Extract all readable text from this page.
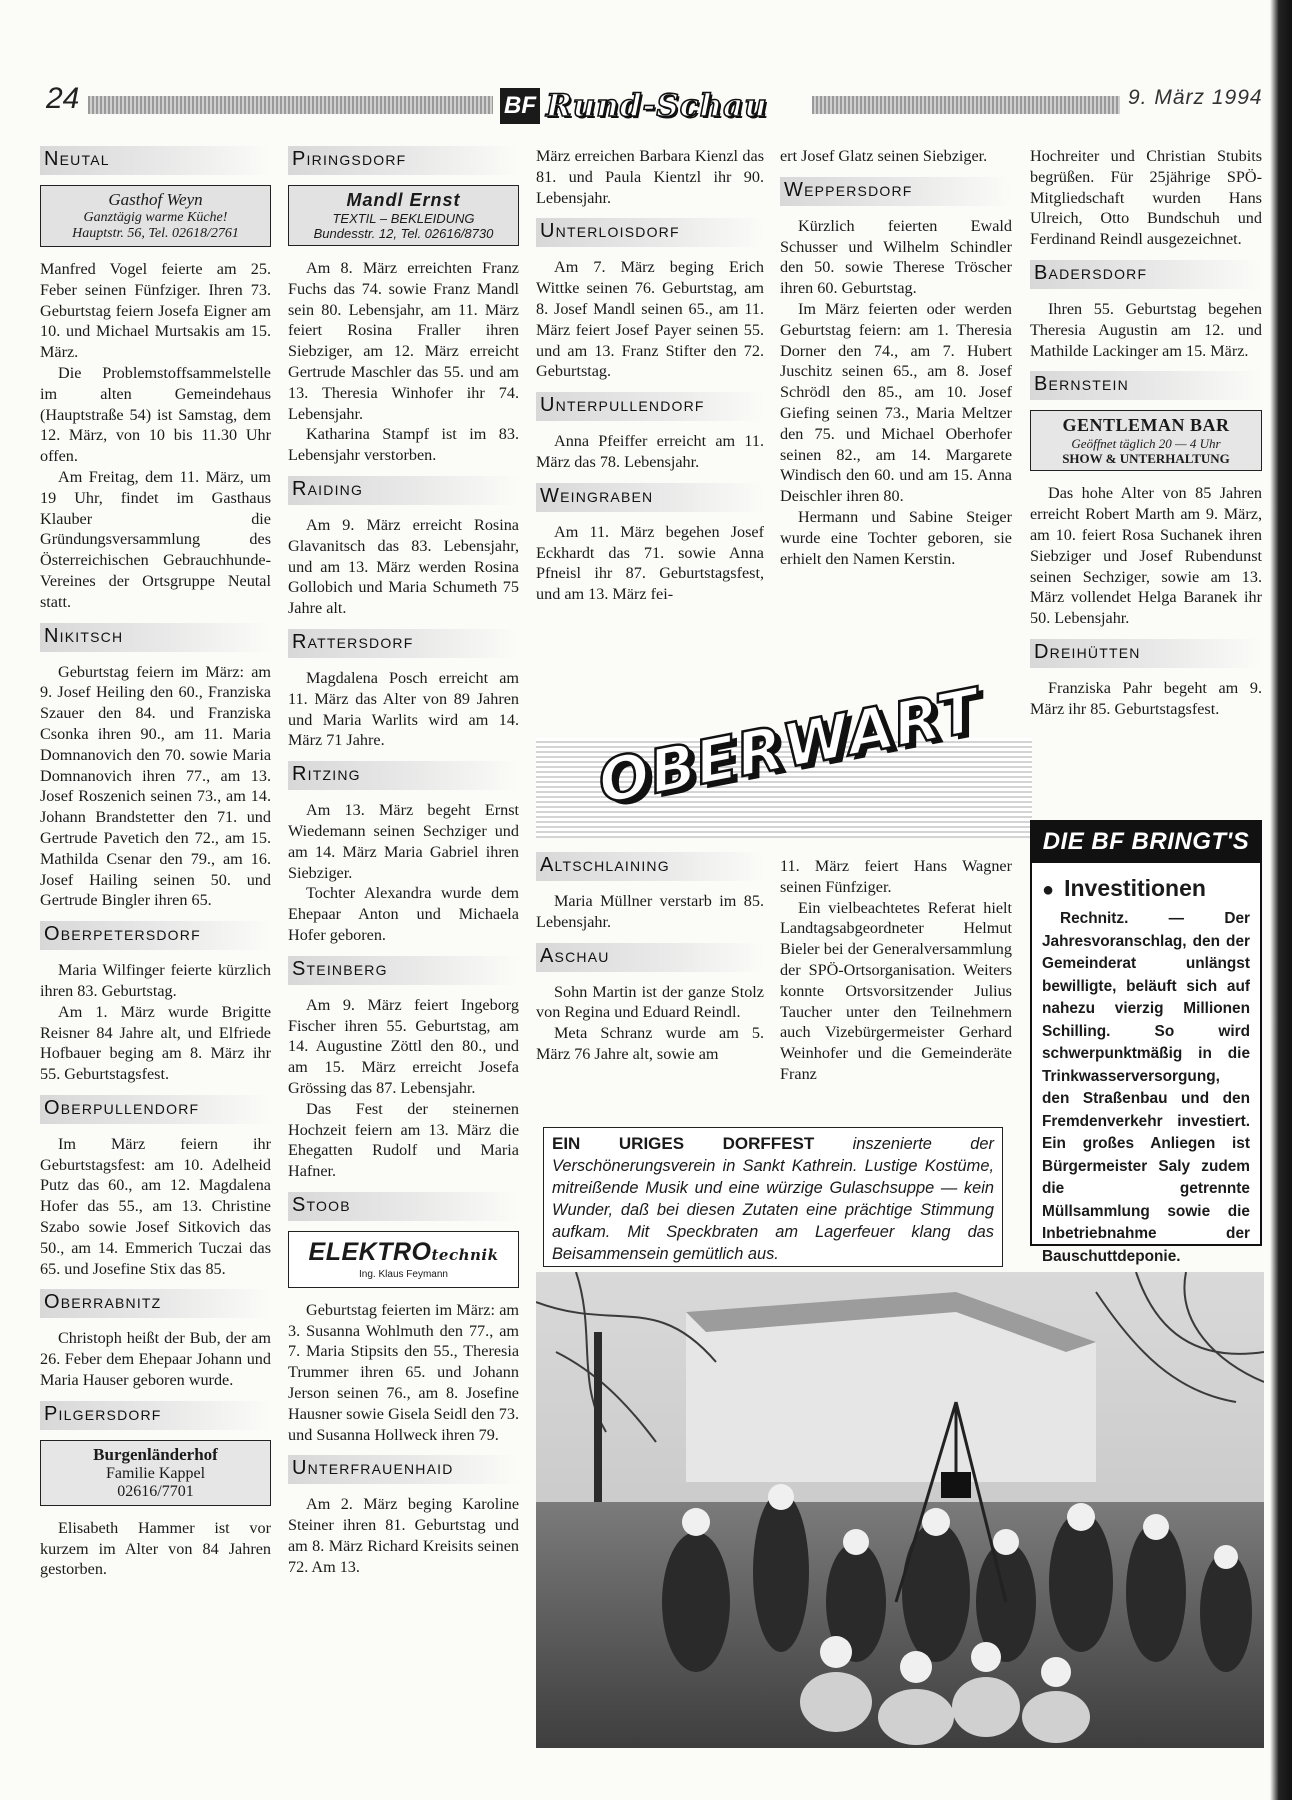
24	BF Rund-Schau	9. März 1994
Neutal
Gasthof Weyn
Ganztägig warme Küche!
Hauptstr. 56, Tel. 02618/2761

Manfred Vogel feierte am 25. Feber seinen Fünfziger. Ihren 73. Geburtstag feiern Josefa Eigner am 10. und Michael Murtsakis am 15. März.

Die Problemstoffsammelstelle im alten Gemeindehaus (Hauptstraße 54) ist Samstag, dem 12. März, von 10 bis 11.30 Uhr offen.

Am Freitag, dem 11. März, um 19 Uhr, findet im Gasthaus Klauber die Gründungsversammlung des Österreichischen Gebrauchhunde-Vereines der Ortsgruppe Neutal statt.

Nikitsch

Geburtstag feiern im März: am 9. Josef Heiling den 60., Franziska Szauer den 84. und Franziska Csonka ihren 90., am 11. Maria Domnanovich den 70. sowie Maria Domnanovich ihren 77., am 13. Josef Roszenich seinen 73., am 14. Johann Brandstetter den 71. und Gertrude Pavetich den 72., am 15. Mathilda Csenar den 79., am 16. Josef Hailing seinen 50. und Gertrude Bingler ihren 65.

Oberpetersdorf

Maria Wilfinger feierte kürzlich ihren 83. Geburtstag.

Am 1. März wurde Brigitte Reisner 84 Jahre alt, und Elfriede Hofbauer beging am 8. März ihr 55. Geburtstagsfest.

Oberpullendorf

Im März feiern ihr Geburtstagsfest: am 10. Adelheid Putz das 60., am 12. Magdalena Hofer das 55., am 13. Christine Szabo sowie Josef Sitkovich das 50., am 14. Emmerich Tuczai das 65. und Josefine Stix das 85.

Oberrabnitz

Christoph heißt der Bub, der am 26. Feber dem Ehepaar Johann und Maria Hauser geboren wurde.

Pilgersdorf
Burgenländerhof
Familie Kappel
02616/7701

Elisabeth Hammer ist vor kurzem im Alter von 84 Jahren gestorben.

Piringsdorf
Mandl Ernst
TEXTIL – BEKLEIDUNG
Bundesstr. 12, Tel. 02616/8730

Am 8. März erreichten Franz Fuchs das 74. sowie Franz Mandl sein 80. Lebensjahr, am 11. März feiert Rosina Fraller ihren Siebziger, am 12. März erreicht Gertrude Maschler das 55. und am 13. Theresia Winhofer ihr 74. Lebensjahr.

Katharina Stampf ist im 83. Lebensjahr verstorben.

Raiding

Am 9. März erreicht Rosina Glavanitsch das 83. Lebensjahr, und am 13. März werden Rosina Gollobich und Maria Schumeth 75 Jahre alt.

Rattersdorf

Magdalena Posch erreicht am 11. März das Alter von 89 Jahren und Maria Warlits wird am 14. März 71 Jahre.

Ritzing

Am 13. März begeht Ernst Wiedemann seinen Sechziger und am 14. März Maria Gabriel ihren Siebziger.

Tochter Alexandra wurde dem Ehepaar Anton und Michaela Hofer geboren.

Steinberg

Am 9. März feiert Ingeborg Fischer ihren 55. Geburtstag, am 14. Augustine Zöttl den 80., und am 15. März erreicht Josefa Grössing das 87. Lebensjahr.

Das Fest der steinernen Hochzeit feiern am 13. März die Ehegatten Rudolf und Maria Hafner.

Stoob
ELEKTROtechnik
Ing. Klaus Feymann

Geburtstag feierten im März: am 3. Susanna Wohlmuth den 77., am 7. Maria Stipsits den 55., Theresia Trummer ihren 65. und Johann Jerson seinen 76., am 8. Josefine Hausner sowie Gisela Seidl den 73. und Susanna Hollweck ihren 79.

Unterfrauenhaid

Am 2. März beging Karoline Steiner ihren 81. Geburtstag und am 8. März Richard Kreisits seinen 72. Am 13.

März erreichen Barbara Kienzl das 81. und Paula Kientzl ihr 90. Lebensjahr.

Unterloisdorf

Am 7. März beging Erich Wittke seinen 76. Geburtstag, am 8. Josef Mandl seinen 65., am 11. März feiert Josef Payer seinen 55. und am 13. Franz Stifter den 72. Geburtstag.

Unterpullendorf

Anna Pfeiffer erreicht am 11. März das 78. Lebensjahr.

Weingraben

Am 11. März begehen Josef Eckhardt das 71. sowie Anna Pfneisl ihr 87. Geburtstagsfest, und am 13. März fei-

ert Josef Glatz seinen Siebziger.

Weppersdorf

Kürzlich feierten Ewald Schusser und Wilhelm Schindler den 50. sowie Therese Tröscher ihren 60. Geburtstag.

Im März feierten oder werden Geburtstag feiern: am 1. Theresia Dorner den 74., am 7. Hubert Juschitz seinen 65., am 8. Josef Schrödl den 85., am 10. Josef Giefing seinen 73., Maria Meltzer den 75. und Michael Oberhofer seinen 82., am 14. Margarete Windisch den 60. und am 15. Anna Deischler ihren 80.

Hermann und Sabine Steiger wurde eine Tochter geboren, sie erhielt den Namen Kerstin.

Hochreiter und Christian Stubits begrüßen. Für 25jährige SPÖ-Mitgliedschaft wurden Hans Ulreich, Otto Bundschuh und Ferdinand Reindl ausgezeichnet.

Badersdorf

Ihren 55. Geburtstag begehen Theresia Augustin am 12. und Mathilde Lackinger am 15. März.

Bernstein
GENTLEMAN BAR
Geöffnet täglich 20 — 4 Uhr
SHOW & UNTERHALTUNG

Das hohe Alter von 85 Jahren erreicht Robert Marth am 9. März, am 10. feiert Rosa Suchanek ihren Siebziger und Josef Rubendunst seinen Sechziger, sowie am 13. März vollendet Helga Baranek ihr 50. Lebensjahr.

Dreihütten

Franziska Pahr begeht am 9. März ihr 85. Geburtstagsfest.

OBERWART
Altschlaining

Maria Müllner verstarb im 85. Lebensjahr.

Aschau

Sohn Martin ist der ganze Stolz von Regina und Eduard Reindl.

Meta Schranz wurde am 5. März 76 Jahre alt, sowie am

11. März feiert Hans Wagner seinen Fünfziger.

Ein vielbeachtetes Referat hielt Landtagsabgeordneter Helmut Bieler bei der Generalversammlung der SPÖ-Ortsorganisation. Weiters konnte Ortsvorsitzender Julius Taucher unter den Teilnehmern auch Vizebürgermeister Gerhard Weinhofer und die Gemeinderäte Franz

DIE BF BRINGT'S
● Investitionen
Rechnitz. — Der Jahresvoranschlag, den der Gemeinderat unlängst bewilligte, beläuft sich auf nahezu vierzig Millionen Schilling. So wird schwerpunktmäßig in die Trinkwasserversorgung, den Straßenbau und den Fremdenverkehr investiert. Ein großes Anliegen ist Bürgermeister Saly zudem die getrennte Müllsammlung sowie die Inbetriebnahme der Bauschuttdeponie.
EIN URIGES DORFFEST inszenierte der Verschönerungsverein in Sankt Kathrein. Lustige Kostüme, mitreißende Musik und eine würzige Gulaschsuppe — kein Wunder, daß bei diesen Zutaten eine prächtige Stimmung aufkam. Mit Speckbraten am Lagerfeuer klang das Beisammensein gemütlich aus.
